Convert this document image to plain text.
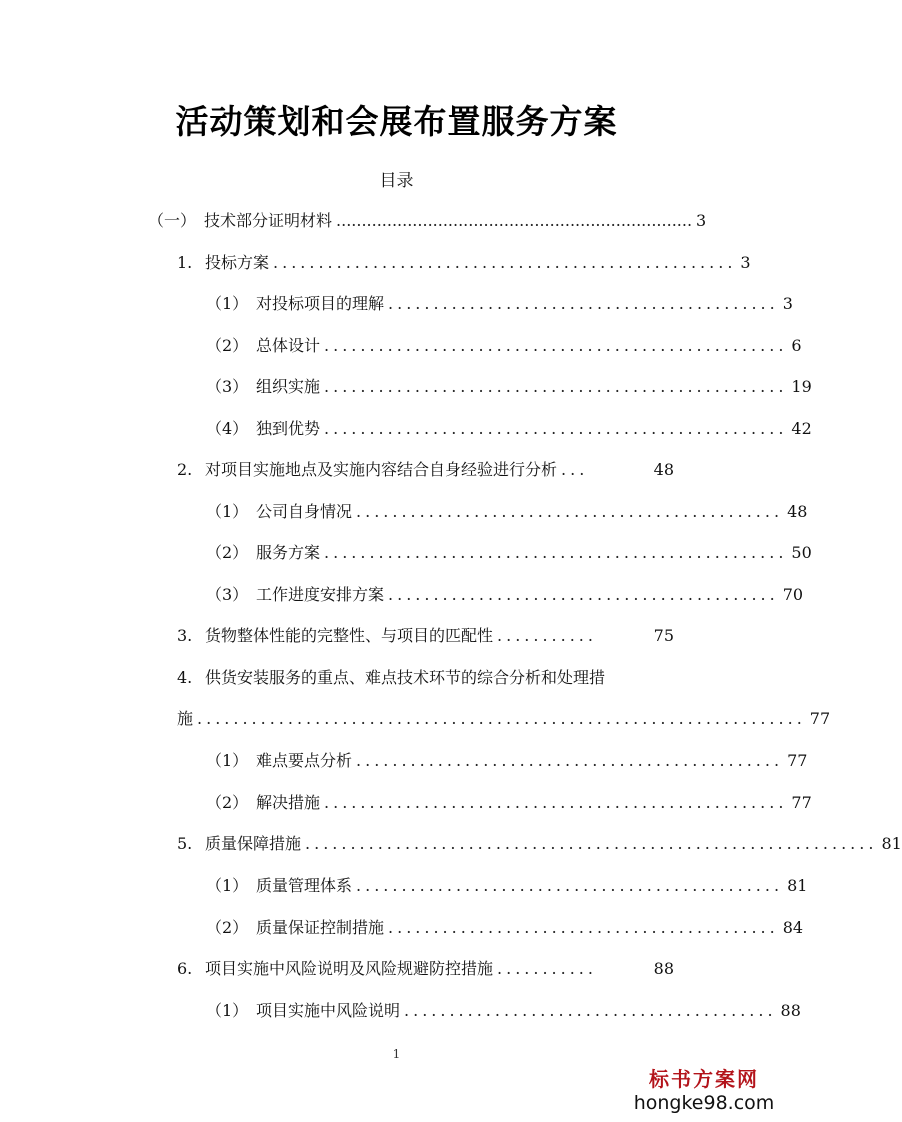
活动策划和会展布置服务方案
目录
（一） 技术部分证明材料 ...................................................................... 3
1. 投标方案 ................................................... 3
（1） 对投标项目的理解 ........................................... 3
（2） 总体设计 ................................................... 6
（3） 组织实施 ................................................... 19
（4） 独到优势 ................................................... 42
2. 对项目实施地点及实施内容结合自身经验进行分析 ...	48
（1） 公司自身情况 ............................................... 48
（2） 服务方案 ................................................... 50
（3） 工作进度安排方案 ........................................... 70
3. 货物整体性能的完整性、与项目的匹配性 ...........	75
4. 供货安装服务的重点、难点技术环节的综合分析和处理措
施 ................................................................... 77
（1） 难点要点分析 ............................................... 77
（2） 解决措施 ................................................... 77
5. 质量保障措施 ............................................................... 81
（1） 质量管理体系 ............................................... 81
（2） 质量保证控制措施 ........................................... 84
6. 项目实施中风险说明及风险规避防控措施 ...........	88
（1） 项目实施中风险说明 ......................................... 88
1
标书方案网
hongke98.com
